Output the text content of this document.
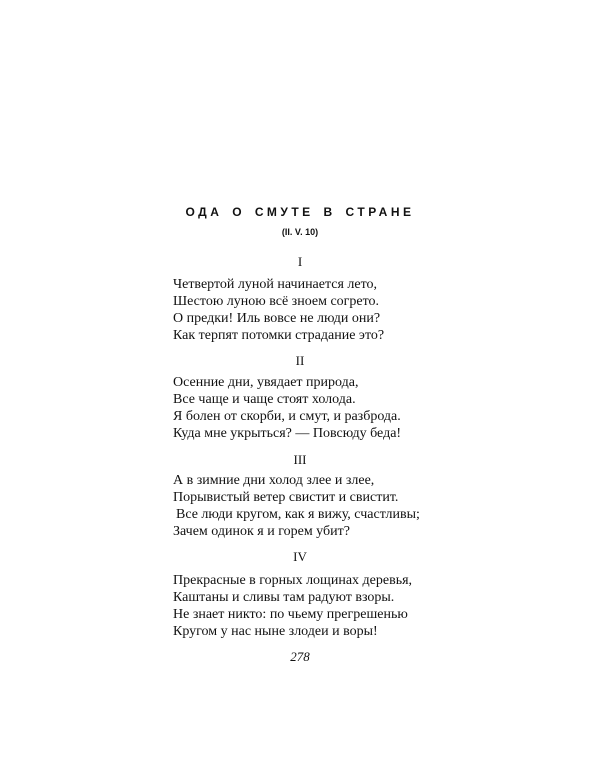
ОДА О СМУТЕ В СТРАНЕ
(II. V. 10)
I
Четвертой луной начинается лето,
Шестою луною всё зноем согрето.
О предки! Иль вовсе не люди они?
Как терпят потомки страдание это?
II
Осенние дни, увядает природа,
Все чаще и чаще стоят холода.
Я болен от скорби, и смут, и разброда.
Куда мне укрыться? — Повсюду беда!
III
А в зимние дни холод злее и злее,
Порывистый ветер свистит и свистит.
Все люди кругом, как я вижу, счастливы;
Зачем одинок я и горем убит?
IV
Прекрасные в горных лощинах деревья,
Каштаны и сливы там радуют взоры.
Не знает никто: по чьему прегрешенью
Кругом у нас ныне злодеи и воры!
278
